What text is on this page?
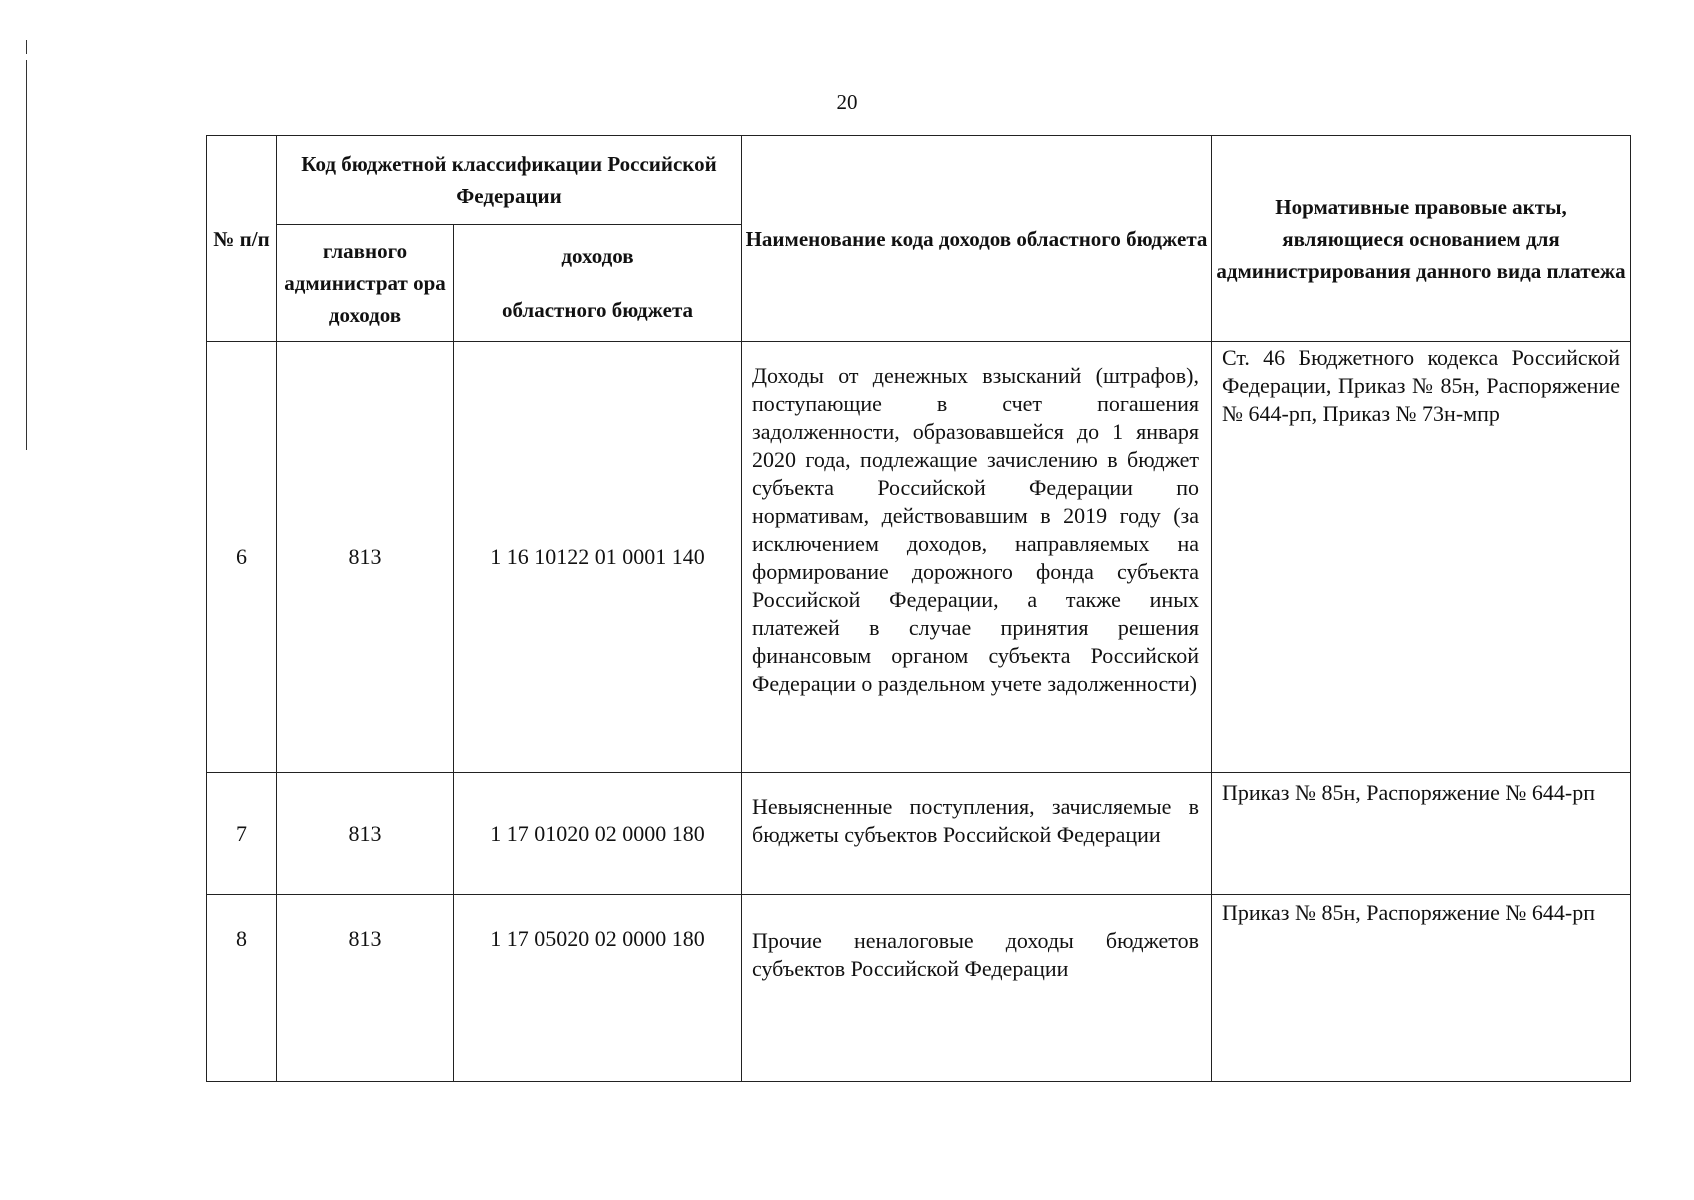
20
№ п/п	Код бюджетной классификации Российской Федерации		Наименование кода доходов областного бюджета	Нормативные правовые акты, являющиеся основанием для администрирования данного вида платежа
	главного администрат ора доходов	доходов
областного бюджета		

6	813	1 16 10122 01 0001 140	Доходы от денежных взысканий (штрафов), поступающие в счет погашения задолженности, образовавшейся до 1 января 2020 года, подлежащие зачислению в бюджет субъекта Российской Федерации по нормативам, действовавшим в 2019 году (за исключением доходов, направляемых на формирование дорожного фонда субъекта Российской Федерации, а также иных платежей в случае принятия решения финансовым органом субъекта Российской Федерации о раздельном учете задолженности)	Ст. 46 Бюджетного кодекса Российской Федерации, Приказ № 85н, Распоряжение № 644-рп, Приказ № 73н-мпр
7	813	1 17 01020 02 0000 180	Невыясненные поступления, зачисляемые в бюджеты субъектов Российской Федерации	Приказ № 85н, Распоряжение № 644-рп
8	813	1 17 05020 02 0000 180	Прочие неналоговые доходы бюджетов субъектов Российской Федерации	Приказ № 85н, Распоряжение № 644-рп
